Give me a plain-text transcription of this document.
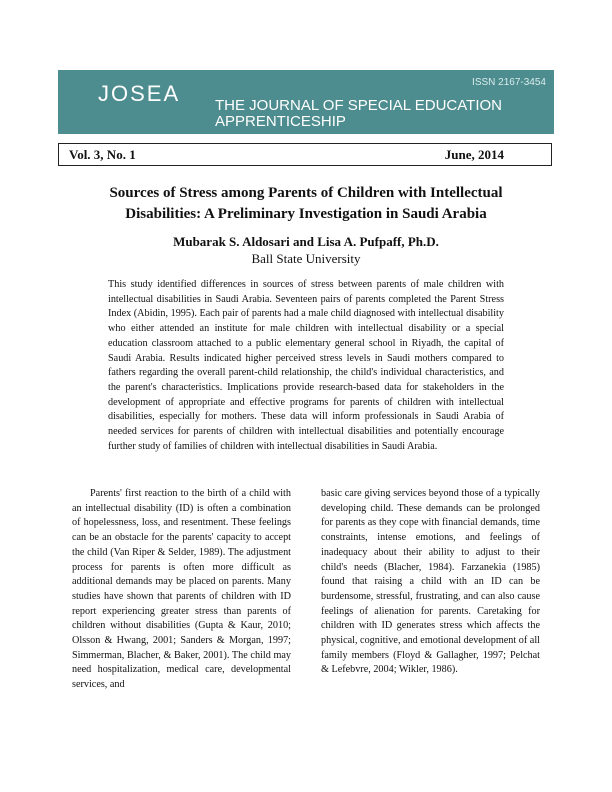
JOSEA	ISSN 2167-3454
THE JOURNAL OF SPECIAL EDUCATION
APPRENTICESHIP
Vol. 3, No. 1	June, 2014
Sources of Stress among Parents of Children with Intellectual
Disabilities: A Preliminary Investigation in Saudi Arabia
Mubarak S. Aldosari and Lisa A. Pufpaff, Ph.D.
Ball State University

This study identified differences in sources of stress between parents of male children with intellectual disabilities in Saudi Arabia. Seventeen pairs of parents completed the Parent Stress Index (Abidin, 1995). Each pair of parents had a male child diagnosed with intellectual disability who either attended an institute for male children with intellectual disability or a special education classroom attached to a public elementary general school in Riyadh, the capital of Saudi Arabia. Results indicated higher perceived stress levels in Saudi mothers compared to fathers regarding the overall parent-child relationship, the child's individual characteristics, and the parent's characteristics. Implications provide research-based data for stakeholders in the development of appropriate and effective programs for parents of children with intellectual disabilities, especially for mothers. These data will inform professionals in Saudi Arabia of needed services for parents of children with intellectual disabilities and potentially encourage further study of families of children with intellectual disabilities in Saudi Arabia.

Parents' first reaction to the birth of a child with an intellectual disability (ID) is often a combination of hopelessness, loss, and resentment. These feelings can be an obstacle for the parents' capacity to accept the child (Van Riper & Selder, 1989). The adjustment process for parents is often more difficult as additional demands may be placed on parents. Many studies have shown that parents of children with ID report experiencing greater stress than parents of children without disabilities (Gupta & Kaur, 2010; Olsson & Hwang, 2001; Sanders & Morgan, 1997; Simmerman, Blacher, & Baker, 2001). The child may need hospitalization, medical care, developmental services, and

basic care giving services beyond those of a typically developing child. These demands can be prolonged for parents as they cope with financial demands, time constraints, intense emotions, and feelings of inadequacy about their ability to adjust to their child's needs (Blacher, 1984). Farzanekia (1985) found that raising a child with an ID can be burdensome, stressful, frustrating, and can also cause feelings of alienation for parents. Caretaking for children with ID generates stress which affects the physical, cognitive, and emotional development of all family members (Floyd & Gallagher, 1997; Pelchat & Lefebvre, 2004; Wikler, 1986).
